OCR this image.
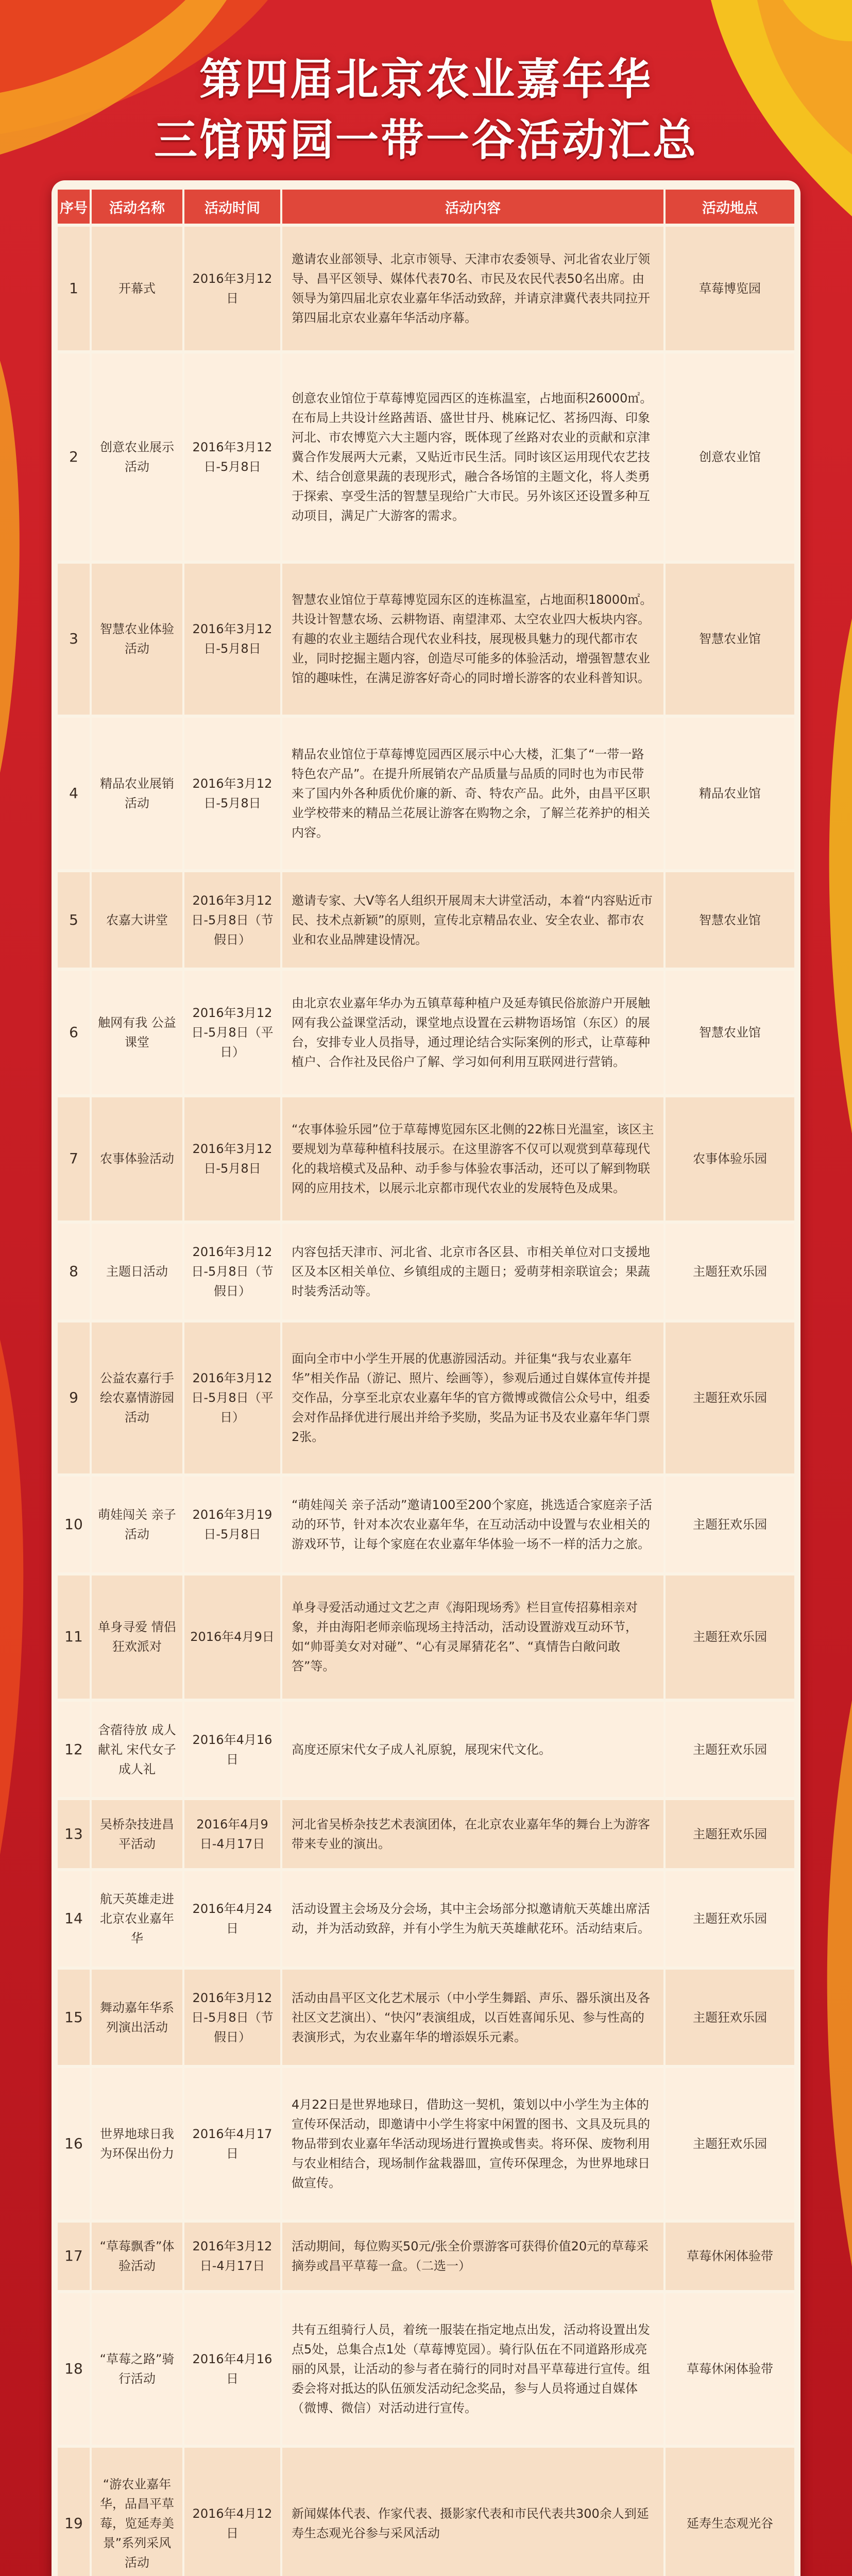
第四届北京农业嘉年华
三馆两园一带一谷活动汇总
序号	活动名称	活动时间	活动内容	活动地点
1	开幕式	2016年3月12日	邀请农业部领导、北京市领导、天津市农委领导、河北省农业厅领导、昌平区领导、媒体代表70名、市民及农民代表50名出席。由领导为第四届北京农业嘉年华活动致辞，并请京津冀代表共同拉开第四届北京农业嘉年华活动序幕。	草莓博览园
2	创意农业展示活动	2016年3月12日-5月8日	创意农业馆位于草莓博览园西区的连栋温室，占地面积26000㎡。在布局上共设计丝路茜语、盛世甘丹、桃麻记忆、茗扬四海、印象河北、市农博览六大主题内容，既体现了丝路对农业的贡献和京津冀合作发展两大元素，又贴近市民生活。同时该区运用现代农艺技术、结合创意果蔬的表现形式，融合各场馆的主题文化，将人类勇于探索、享受生活的智慧呈现给广大市民。另外该区还设置多种互动项目，满足广大游客的需求。	创意农业馆
3	智慧农业体验活动	2016年3月12日-5月8日	智慧农业馆位于草莓博览园东区的连栋温室，占地面积18000㎡。共设计智慧农场、云耕物语、南望津邓、太空农业四大板块内容。有趣的农业主题结合现代农业科技，展现极具魅力的现代都市农业，同时挖掘主题内容，创造尽可能多的体验活动，增强智慧农业馆的趣味性，在满足游客好奇心的同时增长游客的农业科普知识。	智慧农业馆
4	精品农业展销活动	2016年3月12日-5月8日	精品农业馆位于草莓博览园西区展示中心大楼，汇集了“一带一路特色农产品”。在提升所展销农产品质量与品质的同时也为市民带来了国内外各种质优价廉的新、奇、特农产品。此外，由昌平区职业学校带来的精品兰花展让游客在购物之余，了解兰花养护的相关内容。	精品农业馆
5	农嘉大讲堂	2016年3月12日-5月8日（节假日）	邀请专家、大V等名人组织开展周末大讲堂活动，本着“内容贴近市民、技术点新颖”的原则，宣传北京精品农业、安全农业、都市农业和农业品牌建设情况。	智慧农业馆
6	触网有我 公益课堂	2016年3月12日-5月8日（平日）	由北京农业嘉年华办为五镇草莓种植户及延寿镇民俗旅游户开展触网有我公益课堂活动，课堂地点设置在云耕物语场馆（东区）的展台，安排专业人员指导，通过理论结合实际案例的形式，让草莓种植户、合作社及民俗户了解、学习如何利用互联网进行营销。	智慧农业馆
7	农事体验活动	2016年3月12日-5月8日	“农事体验乐园”位于草莓博览园东区北侧的22栋日光温室，该区主要规划为草莓种植科技展示。在这里游客不仅可以观赏到草莓现代化的栽培模式及品种、动手参与体验农事活动，还可以了解到物联网的应用技术，以展示北京都市现代农业的发展特色及成果。	农事体验乐园
8	主题日活动	2016年3月12日-5月8日（节假日）	内容包括天津市、河北省、北京市各区县、市相关单位对口支援地区及本区相关单位、乡镇组成的主题日；爱萌芽相亲联谊会；果蔬时装秀活动等。	主题狂欢乐园
9	公益农嘉行手绘农嘉情游园活动	2016年3月12日-5月8日（平日）	面向全市中小学生开展的优惠游园活动。并征集“我与农业嘉年华”相关作品（游记、照片、绘画等），参观后通过自媒体宣传并提交作品，分享至北京农业嘉年华的官方微博或微信公众号中，组委会对作品择优进行展出并给予奖励，奖品为证书及农业嘉年华门票2张。	主题狂欢乐园
10	萌娃闯关 亲子活动	2016年3月19日-5月8日	“萌娃闯关 亲子活动”邀请100至200个家庭，挑选适合家庭亲子活动的环节，针对本次农业嘉年华，在互动活动中设置与农业相关的游戏环节，让每个家庭在农业嘉年华体验一场不一样的活力之旅。	主题狂欢乐园
11	单身寻爱 情侣狂欢派对	2016年4月9日	单身寻爱活动通过文艺之声《海阳现场秀》栏目宣传招募相亲对象，并由海阳老师亲临现场主持活动，活动设置游戏互动环节，如“帅哥美女对对碰”、“心有灵犀猜花名”、“真情告白敞问敢答”等。	主题狂欢乐园
12	含蓿待放 成人献礼 宋代女子成人礼	2016年4月16日	高度还原宋代女子成人礼原貌，展现宋代文化。	主题狂欢乐园
13	吴桥杂技进昌平活动	2016年4月9日-4月17日	河北省吴桥杂技艺术表演团体，在北京农业嘉年华的舞台上为游客带来专业的演出。	主题狂欢乐园
14	航天英雄走进北京农业嘉年华	2016年4月24日	活动设置主会场及分会场，其中主会场部分拟邀请航天英雄出席活动，并为活动致辞，并有小学生为航天英雄献花环。活动结束后。	主题狂欢乐园
15	舞动嘉年华系列演出活动	2016年3月12日-5月8日（节假日）	活动由昌平区文化艺术展示（中小学生舞蹈、声乐、器乐演出及各社区文艺演出）、“快闪”表演组成，以百姓喜闻乐见、参与性高的表演形式，为农业嘉年华的增添娱乐元素。	主题狂欢乐园
16	世界地球日我为环保出份力	2016年4月17日	4月22日是世界地球日，借助这一契机，策划以中小学生为主体的宣传环保活动，即邀请中小学生将家中闲置的图书、文具及玩具的物品带到农业嘉年华活动现场进行置换或售卖。将环保、废物利用与农业相结合，现场制作盆栽器皿，宣传环保理念，为世界地球日做宣传。	主题狂欢乐园
17	“草莓飘香”体验活动	2016年3月12日-4月17日	活动期间，每位购买50元/张全价票游客可获得价值20元的草莓采摘券或昌平草莓一盒。（二选一）	草莓休闲体验带
18	“草莓之路”骑行活动	2016年4月16日	共有五组骑行人员，着统一服装在指定地点出发，活动将设置出发点5处，总集合点1处（草莓博览园）。骑行队伍在不同道路形成亮丽的风景，让活动的参与者在骑行的同时对昌平草莓进行宣传。组委会将对抵达的队伍颁发活动纪念奖品，参与人员将通过自媒体（微博、微信）对活动进行宣传。	草莓休闲体验带
19	“游农业嘉年华，品昌平草莓，览延寿美景”系列采风活动	2016年4月12日	新闻媒体代表、作家代表、摄影家代表和市民代表共300余人到延寿生态观光谷参与采风活动	延寿生态观光谷
